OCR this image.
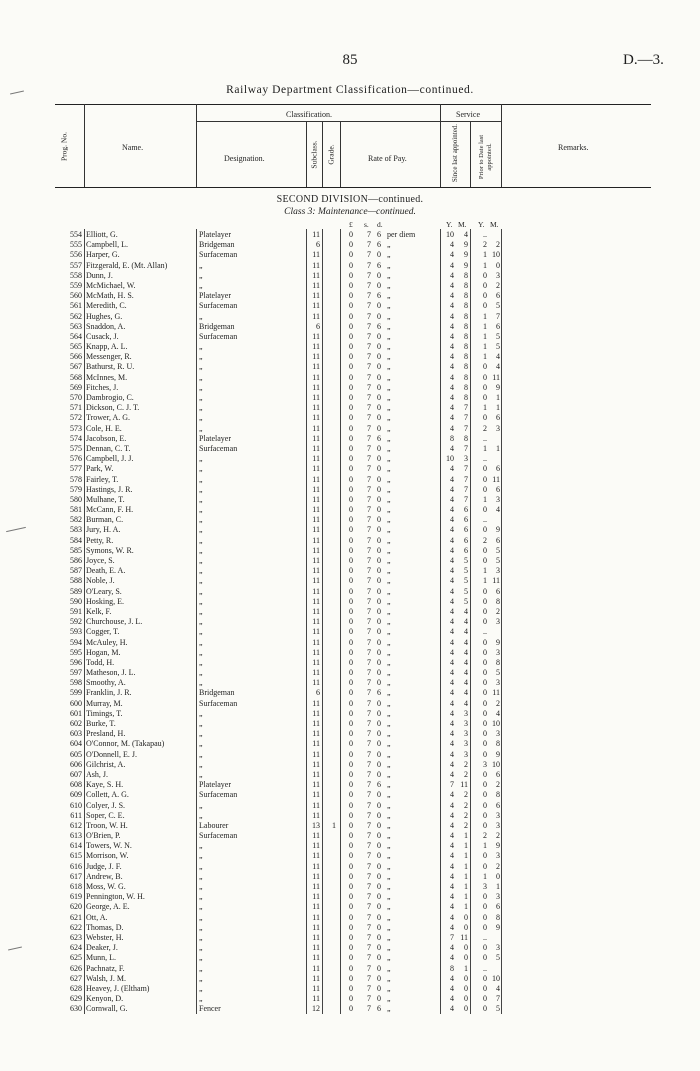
85	D.—3.
Railway Department Classification—continued.
Prog. No.	Name.
Classification.
Designation.	Subclass. Grade.	Rate of Pay.
Service
Since last appointed.	Prior to Date last appointed.	Remarks.
SECOND DIVISION—continued.
Class 3: Maintenance—continued.
£ s. d.	Y. M. Y. M.
554 Elliott, G.	Platelayer	11	0	7 6 per diem	10	4	..
555 Campbell, L.	Bridgeman	6	0	7 6 „	4	9	2	2
556 Harper, G.	Surfaceman	11	0	7 0 „	4	9	1 10
557 Fitzgerald, E. (Mt. Allan)	„	11	0	7 6 „	4	9	1	0
558 Dunn, J.	„	11	0	7 0 „	4	8	0	3
559 McMichael, W.	„	11	0	7 0 „	4	8	0	2
560 McMath, H. S.	Platelayer	11	0	7 6 „	4	8	0	6
561 Meredith, C.	Surfaceman	11	0	7 0 „	4	8	0	5
562 Hughes, G.	„	11	0	7 0 „	4	8	1	7
563 Snaddon, A.	Bridgeman	6	0	7 6 „	4	8	1	6
564 Cusack, J.	Surfaceman	11	0	7 0 „	4	8	1	5
565 Knapp, A. L.	„	11	0	7 0 „	4	8	1	5
566 Messenger, R.	„	11	0	7 0 „	4	8	1	4
567 Bathurst, R. U.	„	11	0	7 0 „	4	8	0	4
568 McInnes, M.	„	11	0	7 0 „	4	8	0 11
569 Fitches, J.	„	11	0	7 0 „	4	8	0	9
570 Dambrogio, C.	„	11	0	7 0 „	4	8	0	1
571 Dickson, C. J. T.	„	11	0	7 0 „	4	7	1	1
572 Trower, A. G.	„	11	0	7 0 „	4	7	0	6
573 Cole, H. E.	„	11	0	7 0 „	4	7	2	3
574 Jacobson, E.	Platelayer	11	0	7 6 „	8	8	..
575 Dennan, C. T.	Surfaceman	11	0	7 0 „	4	7	1	1
576 Campbell, J. J.	„	11	0	7 0 „	10	3	..
577 Park, W.	„	11	0	7 0 „	4	7	0	6
578 Fairley, T.	„	11	0	7 0 „	4	7	0 11
579 Hastings, J. R.	„	11	0	7 0 „	4	7	0	6
580 Mulhane, T.	„	11	0	7 0 „	4	7	1	3
581 McCann, F. H.	„	11	0	7 0 „	4	6	0	4
582 Burman, C.	„	11	0	7 0 „	4	6	..
583 Jury, H. A.	„	11	0	7 0 „	4	6	0	9
584 Petty, R.	„	11	0	7 0 „	4	6	2	6
585 Symons, W. R.	„	11	0	7 0 „	4	6	0	5
586 Joyce, S.	„	11	0	7 0 „	4	5	0	5
587 Death, E. A.	„	11	0	7 0 „	4	5	1	3
588 Noble, J.	„	11	0	7 0 „	4	5	1 11
589 O'Leary, S.	„	11	0	7 0 „	4	5	0	6
590 Hosking, E.	„	11	0	7 0 „	4	5	0	8
591 Kelk, F.	„	11	0	7 0 „	4	4	0	2
592 Churchouse, J. L.	„	11	0	7 0 „	4	4	0	3
593 Cogger, T.	„	11	0	7 0 „	4	4	..
594 McAuley, H.	„	11	0	7 0 „	4	4	0	9
595 Hogan, M.	„	11	0	7 0 „	4	4	0	3
596 Todd, H.	„	11	0	7 0 „	4	4	0	8
597 Matheson, J. L.	„	11	0	7 0 „	4	4	0	5
598 Smoothy, A.	„	11	0	7 0 „	4	4	0	3
599 Franklin, J. R.	Bridgeman	6	0	7 6 „	4	4	0 11
600 Murray, M.	Surfaceman	11	0	7 0 „	4	4	0	2
601 Timings, T.	„	11	0	7 0 „	4	3	0	4
602 Burke, T.	„	11	0	7 0 „	4	3	0 10
603 Presland, H.	„	11	0	7 0 „	4	3	0	3
604 O'Connor, M. (Takapau)	„	11	0	7 0 „	4	3	0	8
605 O'Donnell, E. J.	„	11	0	7 0 „	4	3	0	9
606 Gilchrist, A.	„	11	0	7 0 „	4	2	3 10
607 Ash, J.	„	11	0	7 0 „	4	2	0	6
608 Kaye, S. H.	Platelayer	11	0	7 6 „	7 11	0	2
609 Collett, A. G.	Surfaceman	11	0	7 0 „	4	2	0	8
610 Colyer, J. S.	„	11	0	7 0 „	4	2	0	6
611 Soper, C. E.	„	11	0	7 0 „	4	2	0	3
612 Troon, W. H.	Labourer	13 1 0	7 0 „	4	2	0	3
613 O'Brien, P.	Surfaceman	11	0	7 0 „	4	1	2	2
614 Towers, W. N.	„	11	0	7 0 „	4	1	1	9
615 Morrison, W.	„	11	0	7 0 „	4	1	0	3
616 Judge, J. F.	„	11	0	7 0 „	4	1	0	2
617 Andrew, B.	„	11	0	7 0 „	4	1	1	0
618 Moss, W. G.	„	11	0	7 0 „	4	1	3	1
619 Pennington, W. H.	„	11	0	7 0 „	4	1	0	3
620 George, A. E.	„	11	0	7 0 „	4	1	0	6
621 Ott, A.	„	11	0	7 0 „	4	0	0	8
622 Thomas, D.	„	11	0	7 0 „	4	0	0	9
623 Webster, H.	„	11	0	7 0 „	7 11	..
624 Deaker, J.	„	11	0	7 0 „	4	0	0	3
625 Munn, L.	„	11	0	7 0 „	4	0	0	5
626 Pachnatz, F.	„	11	0	7 0 „	8	1	..
627 Walsh, J. M.	„	11	0	7 0 „	4	0	0 10
628 Heavey, J. (Eltham)	„	11	0	7 0 „	4	0	0	4
629 Kenyon, D.	„	11	0	7 0 „	4	0	0	7
630 Cornwall, G.	Fencer	12	0	7 6 „	4	0	0	5
